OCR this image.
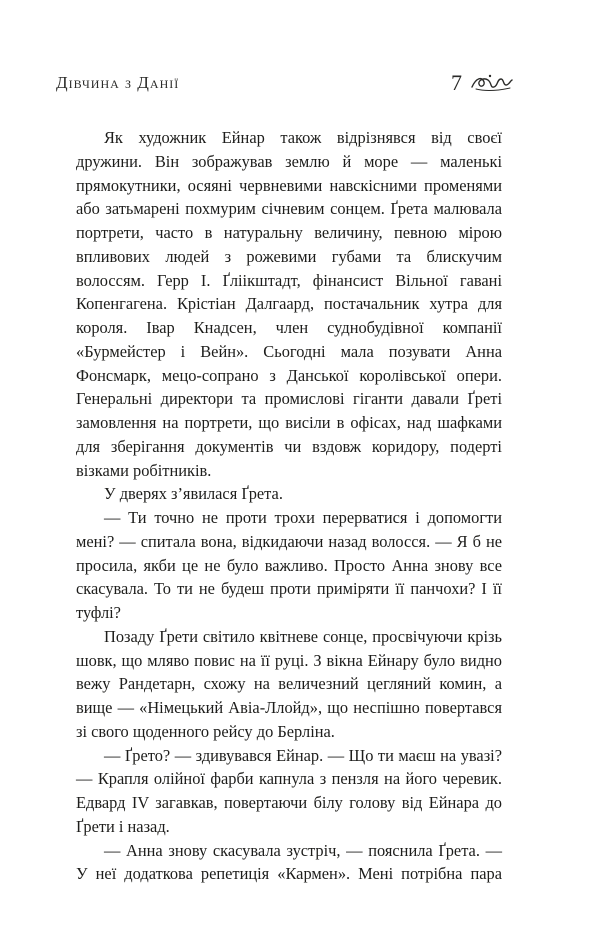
Дівчина з Данії	7

Як художник Ейнар також відрізнявся від своєї дружини. Він зображував землю й море — маленькі прямокутники, осяяні червневими навскісними променями або затьмарені похмурим січневим сонцем. Ґрета малювала портрети, часто в натуральну величину, певною мірою впливових людей з рожевими губами та блискучим волоссям. Герр І. Ґліікштадт, фінансист Вільної гавані Копенгагена. Крістіан Далгаард, постачальник хутра для короля. Івар Кнадсен, член суднобудівної компанії «Бурмейстер і Вейн». Сьогодні мала позувати Анна Фонсмарк, мецо-сопрано з Данської королівської опери. Генеральні директори та промислові гіганти давали Ґреті замовлення на портрети, що висіли в офісах, над шафками для зберігання документів чи вздовж коридору, подерті візками робітників.

У дверях з’явилася Ґрета.

— Ти точно не проти трохи перерватися і допомогти мені? — спитала вона, відкидаючи назад волосся. — Я б не просила, якби це не було важливо. Просто Анна знову все скасувала. То ти не будеш проти приміряти її панчохи? І її туфлі?

Позаду Ґрети світило квітневе сонце, просвічуючи крізь шовк, що мляво повис на її руці. З вікна Ейнару було видно вежу Рандетарн, схожу на величезний цегляний комин, а вище — «Німецький Авіа-Ллойд», що неспішно повертався зі свого щоденного рейсу до Берліна.

— Ґрето? — здивувався Ейнар. — Що ти маєш на увазі? — Крапля олійної фарби капнула з пензля на його черевик. Едвард IV загавкав, повертаючи білу голову від Ейнара до Ґрети і назад.

— Анна знову скасувала зустріч, — пояснила Ґрета. — У неї додаткова репетиція «Кармен». Мені потрібна пара
